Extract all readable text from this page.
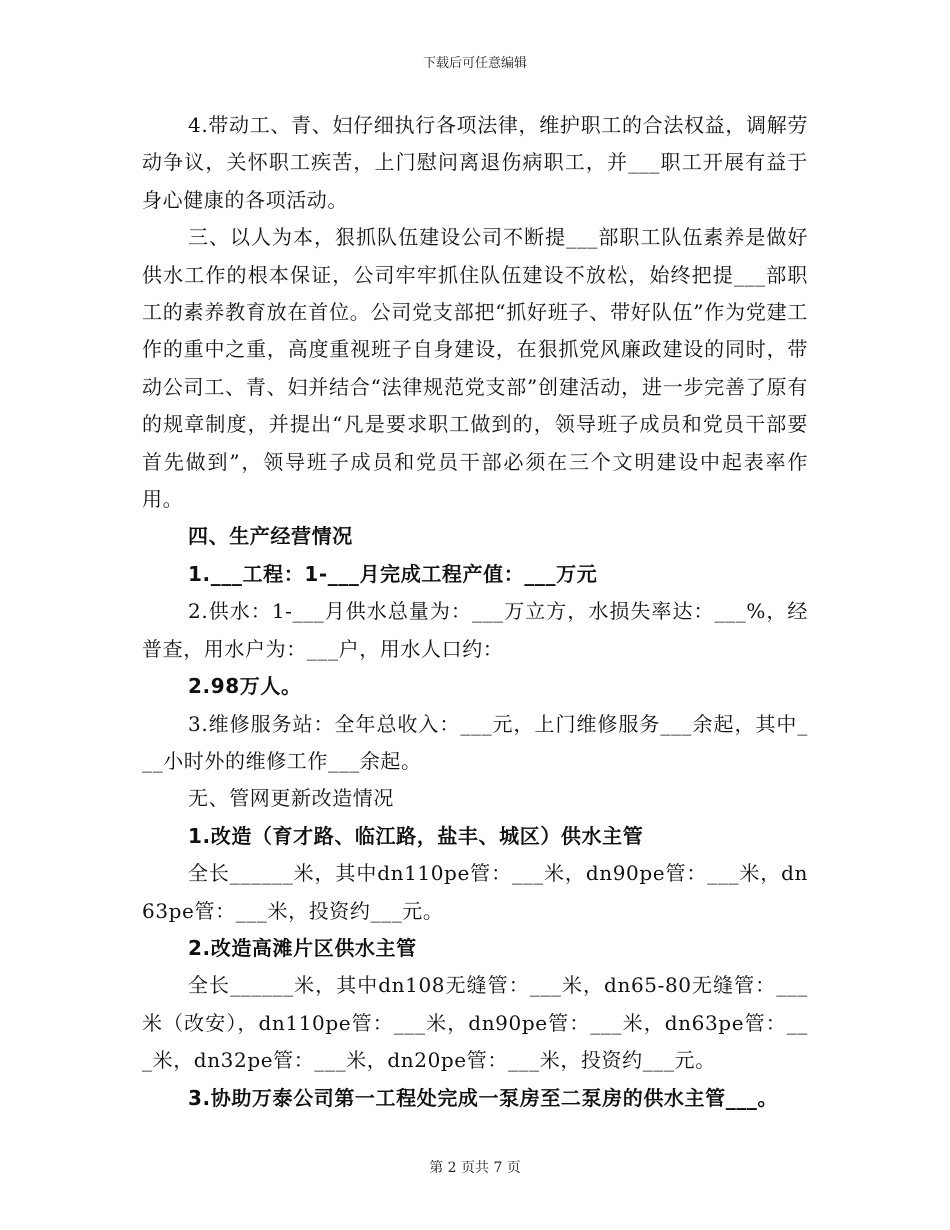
下载后可任意编辑

4.带动工、青、妇仔细执行各项法律，维护职工的合法权益，调解劳动争议，关怀职工疾苦，上门慰问离退伤病职工，并___职工开展有益于身心健康的各项活动。

三、以人为本，狠抓队伍建设公司不断提___部职工队伍素养是做好供水工作的根本保证，公司牢牢抓住队伍建设不放松，始终把提___部职工的素养教育放在首位。公司党支部把“抓好班子、带好队伍”作为党建工作的重中之重，高度重视班子自身建设，在狠抓党风廉政建设的同时，带动公司工、青、妇并结合“法律规范党支部”创建活动，进一步完善了原有的规章制度，并提出“凡是要求职工做到的，领导班子成员和党员干部要首先做到”，领导班子成员和党员干部必须在三个文明建设中起表率作用。

四、生产经营情况

1.___工程：1-___月完成工程产值：___万元

2.供水：1-___月供水总量为：___万立方，水损失率达：___%，经普查，用水户为：___户，用水人口约：

2.98万人。

3.维修服务站：全年总收入：___元，上门维修服务___余起，其中___小时外的维修工作___余起。

无、管网更新改造情况

1.改造（育才路、临江路，盐丰、城区）供水主管

全长______米，其中dn110pe管：___米，dn90pe管：___米，dn63pe管：___米，投资约___元。

2.改造高滩片区供水主管

全长______米，其中dn108无缝管：___米，dn65-80无缝管：___米（改安），dn110pe管：___米，dn90pe管：___米，dn63pe管：___米，dn32pe管：___米，dn20pe管：___米，投资约___元。

3.协助万泰公司第一工程处完成一泵房至二泵房的供水主管___。

第 2 页共 7 页
